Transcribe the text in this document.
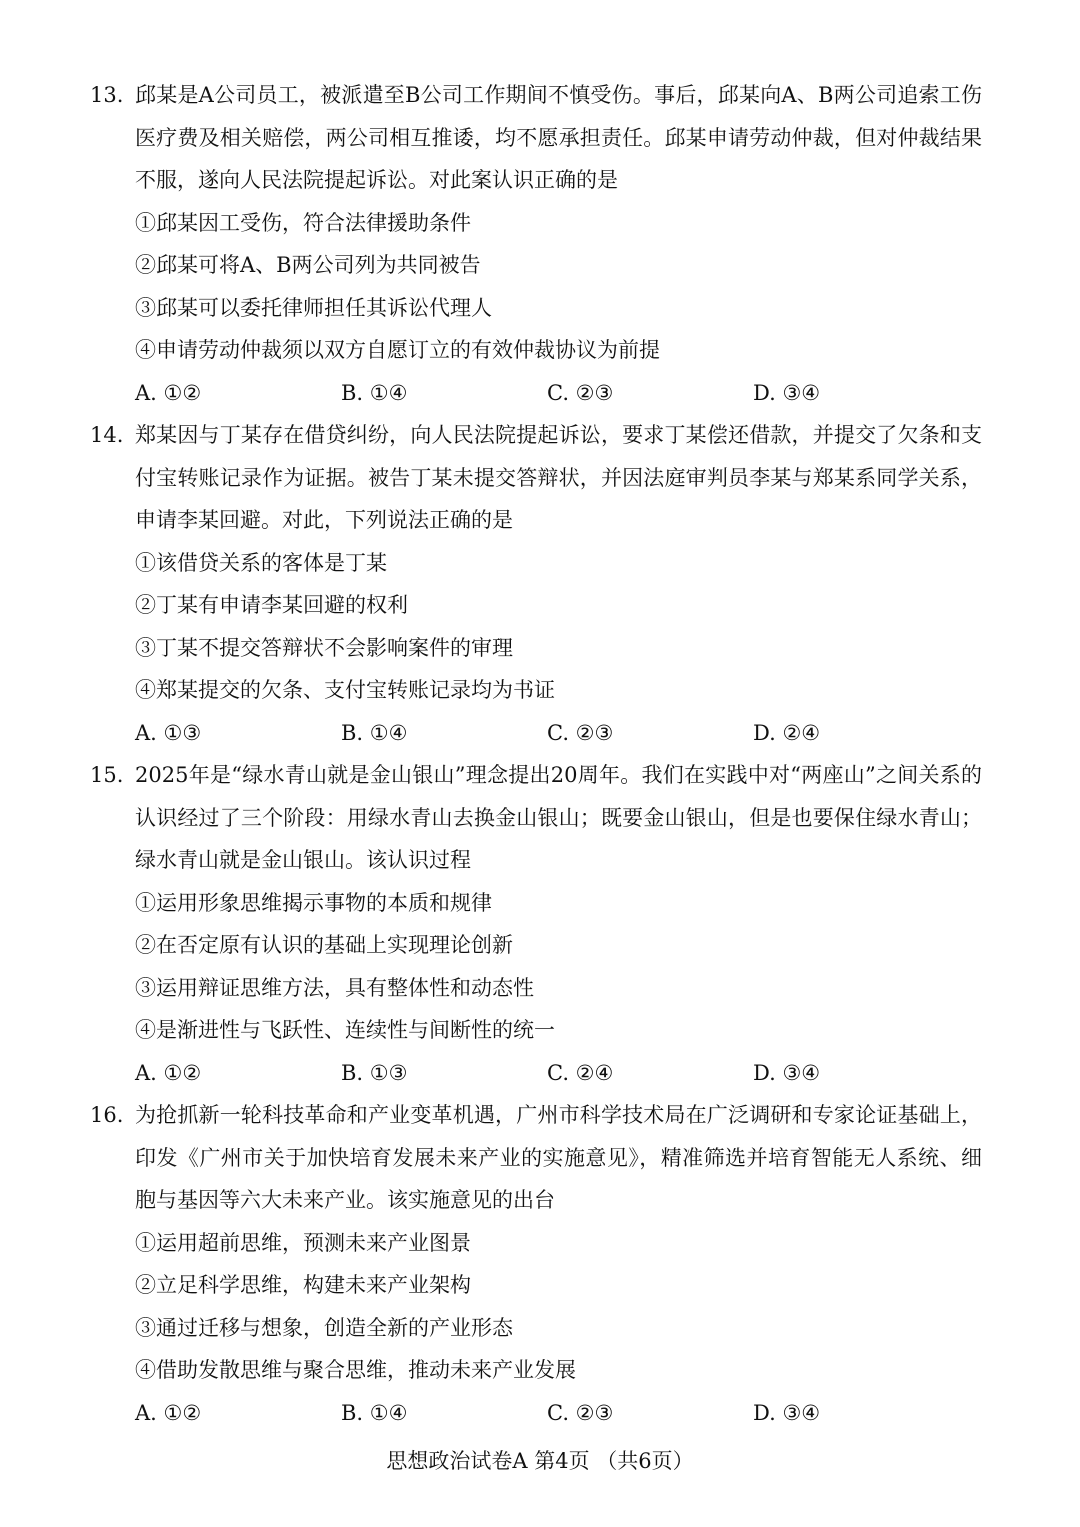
13. 邱某是A公司员工，被派遣至B公司工作期间不慎受伤。事后，邱某向A、B两公司追索工伤医疗费及相关赔偿，两公司相互推诿，均不愿承担责任。邱某申请劳动仲裁，但对仲裁结果不服，遂向人民法院提起诉讼。对此案认识正确的是
①邱某因工受伤，符合法律援助条件
②邱某可将A、B两公司列为共同被告
③邱某可以委托律师担任其诉讼代理人
④申请劳动仲裁须以双方自愿订立的有效仲裁协议为前提
A. ①②	B. ①④	C. ②③	D. ③④
14. 郑某因与丁某存在借贷纠纷，向人民法院提起诉讼，要求丁某偿还借款，并提交了欠条和支付宝转账记录作为证据。被告丁某未提交答辩状，并因法庭审判员李某与郑某系同学关系，申请李某回避。对此，下列说法正确的是
①该借贷关系的客体是丁某
②丁某有申请李某回避的权利
③丁某不提交答辩状不会影响案件的审理
④郑某提交的欠条、支付宝转账记录均为书证
A. ①③	B. ①④	C. ②③	D. ②④
15. 2025年是“绿水青山就是金山银山”理念提出20周年。我们在实践中对“两座山”之间关系的认识经过了三个阶段：用绿水青山去换金山银山；既要金山银山，但是也要保住绿水青山；绿水青山就是金山银山。该认识过程
①运用形象思维揭示事物的本质和规律
②在否定原有认识的基础上实现理论创新
③运用辩证思维方法，具有整体性和动态性
④是渐进性与飞跃性、连续性与间断性的统一
A. ①②	B. ①③	C. ②④	D. ③④
16. 为抢抓新一轮科技革命和产业变革机遇，广州市科学技术局在广泛调研和专家论证基础上，印发《广州市关于加快培育发展未来产业的实施意见》，精准筛选并培育智能无人系统、细胞与基因等六大未来产业。该实施意见的出台
①运用超前思维，预测未来产业图景
②立足科学思维，构建未来产业架构
③通过迁移与想象，创造全新的产业形态
④借助发散思维与聚合思维，推动未来产业发展
A. ①②	B. ①④	C. ②③	D. ③④
思想政治试卷A 第4页 （共6页）
